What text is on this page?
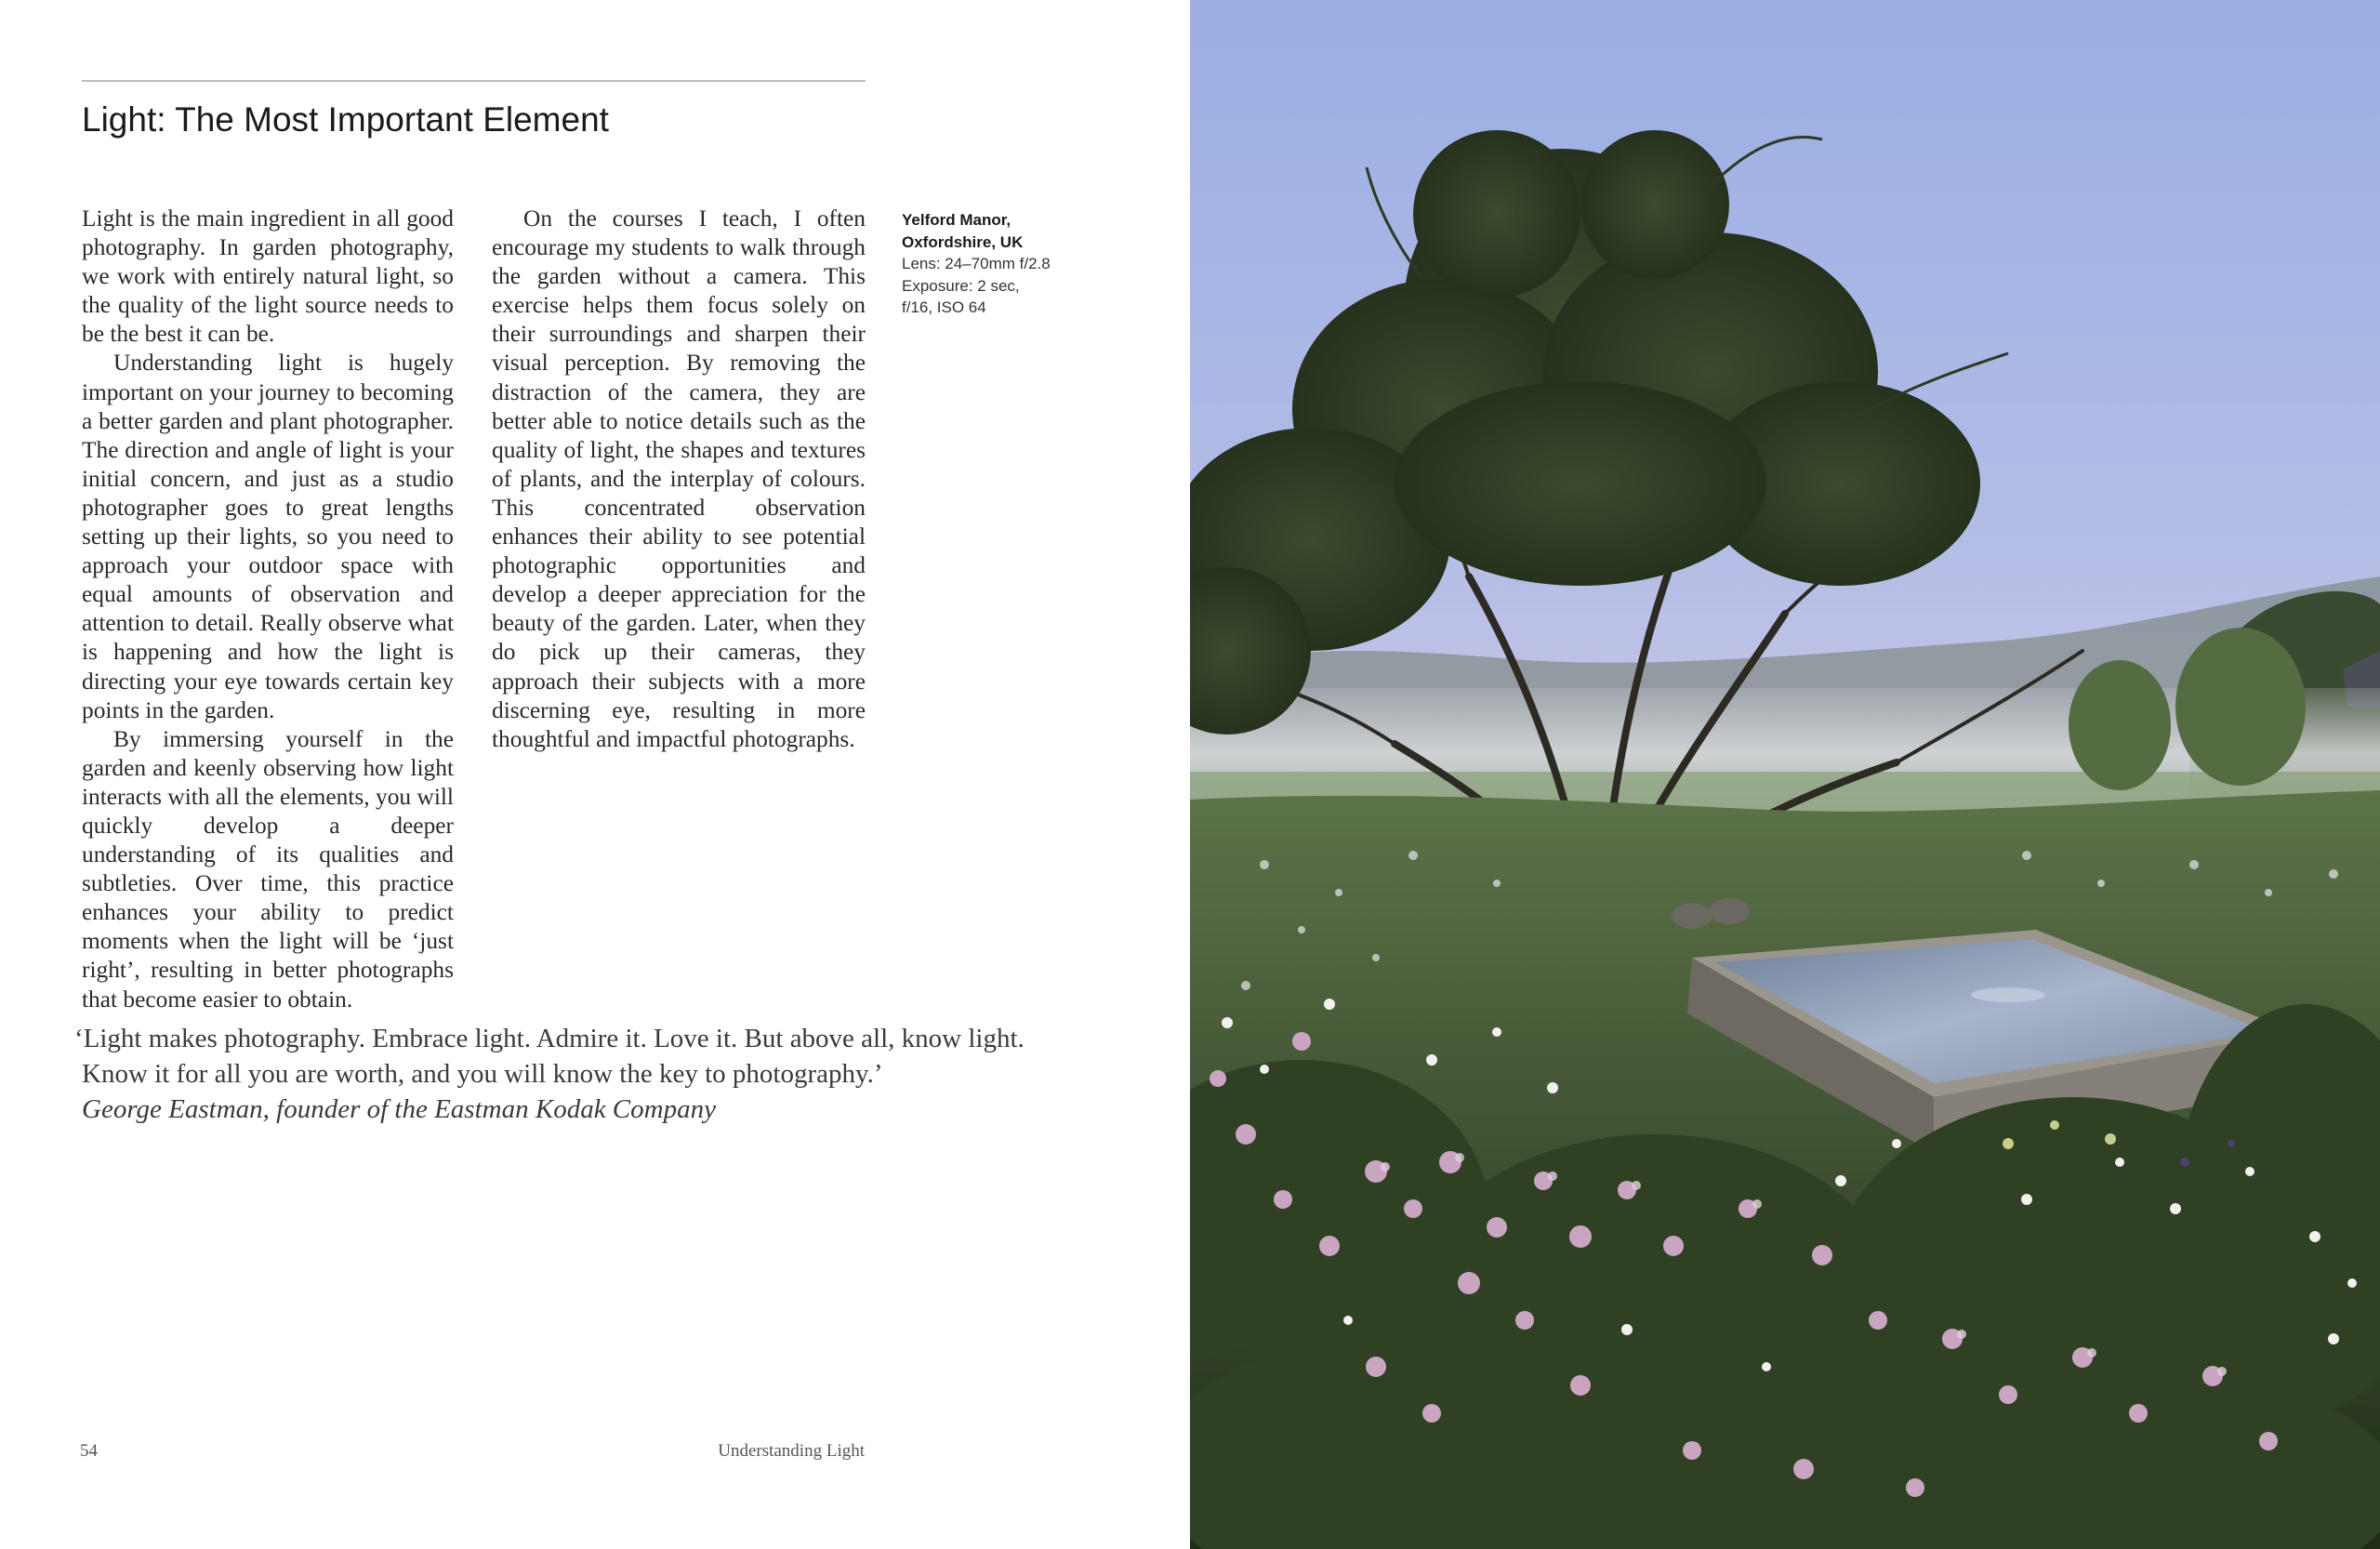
Light: The Most Important Element

Light is the main ingredient in all good photography. In garden photography, we work with entirely natural light, so the quality of the light source needs to be the best it can be.

Understanding light is hugely important on your journey to becoming a better garden and plant photographer. The direction and angle of light is your initial concern, and just as a studio photographer goes to great lengths setting up their lights, so you need to approach your outdoor space with equal amounts of observation and attention to detail. Really observe what is happening and how the light is directing your eye towards certain key points in the garden.

By immersing yourself in the garden and keenly observing how light interacts with all the elements, you will quickly develop a deeper understanding of its qualities and subtleties. Over time, this practice enhances your ability to predict moments when the light will be ‘just right’, resulting in better photographs that become easier to obtain.

On the courses I teach, I often encourage my students to walk through the garden without a camera. This exercise helps them focus solely on their surroundings and sharpen their visual perception. By removing the distraction of the camera, they are better able to notice details such as the quality of light, the shapes and textures of plants, and the interplay of colours. This concentrated observation enhances their ability to see potential photographic opportunities and develop a deeper appreciation for the beauty of the garden. Later, when they do pick up their cameras, they approach their subjects with a more discerning eye, resulting in more thoughtful and impactful photographs.

Yelford Manor,
Oxfordshire, UK
Lens: 24–70mm f/2.8
Exposure: 2 sec,
f/16, ISO 64
‘Light makes photography. Embrace light. Admire it. Love it. But above all, know light.
Know it for all you are worth, and you will know the key to photography.’
George Eastman, founder of the Eastman Kodak Company
54	Understanding Light
